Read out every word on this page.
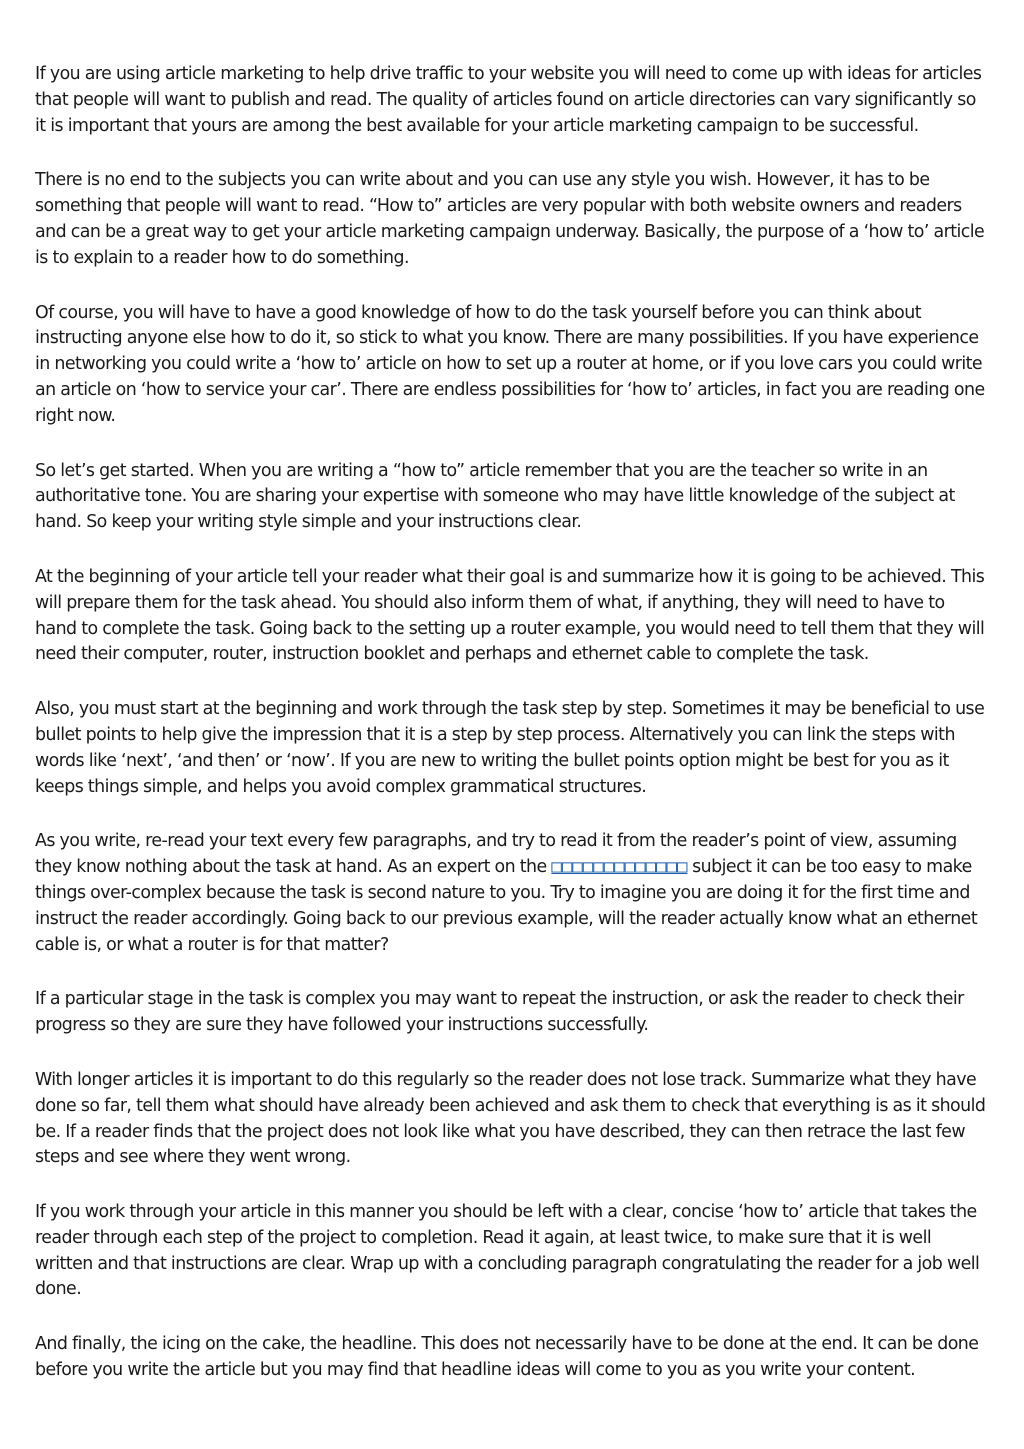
If you are using article marketing to help drive traffic to your website you will need to come up with ideas for articles that people will want to publish and read. The quality of articles found on article directories can vary significantly so it is important that yours are among the best available for your article marketing campaign to be successful.

There is no end to the subjects you can write about and you can use any style you wish. However, it has to be something that people will want to read. “How to” articles are very popular with both website owners and readers and can be a great way to get your article marketing campaign underway. Basically, the purpose of a ‘how to’ article is to explain to a reader how to do something.

Of course, you will have to have a good knowledge of how to do the task yourself before you can think about instructing anyone else how to do it, so stick to what you know. There are many possibilities. If you have experience in networking you could write a ‘how to’ article on how to set up a router at home, or if you love cars you could write an article on ‘how to service your car’. There are endless possibilities for ‘how to’ articles, in fact you are reading one right now.

So let’s get started. When you are writing a “how to” article remember that you are the teacher so write in an authoritative tone. You are sharing your expertise with someone who may have little knowledge of the subject at hand. So keep your writing style simple and your instructions clear.

At the beginning of your article tell your reader what their goal is and summarize how it is going to be achieved. This will prepare them for the task ahead. You should also inform them of what, if anything, they will need to have to hand to complete the task. Going back to the setting up a router example, you would need to tell them that they will need their computer, router, instruction booklet and perhaps and ethernet cable to complete the task.

Also, you must start at the beginning and work through the task step by step. Sometimes it may be beneficial to use bullet points to help give the impression that it is a step by step process. Alternatively you can link the steps with words like ‘next’, ‘and then’ or ‘now’. If you are new to writing the bullet points option might be best for you as it keeps things simple, and helps you avoid complex grammatical structures.

As you write, re-read your text every few paragraphs, and try to read it from the reader’s point of view, assuming they know nothing about the task at hand. As an expert on the □□□□□□□□□□□□□ subject it can be too easy to make things over-complex because the task is second nature to you. Try to imagine you are doing it for the first time and instruct the reader accordingly. Going back to our previous example, will the reader actually know what an ethernet cable is, or what a router is for that matter?

If a particular stage in the task is complex you may want to repeat the instruction, or ask the reader to check their progress so they are sure they have followed your instructions successfully.

With longer articles it is important to do this regularly so the reader does not lose track. Summarize what they have done so far, tell them what should have already been achieved and ask them to check that everything is as it should be. If a reader finds that the project does not look like what you have described, they can then retrace the last few steps and see where they went wrong.

If you work through your article in this manner you should be left with a clear, concise ‘how to’ article that takes the reader through each step of the project to completion. Read it again, at least twice, to make sure that it is well written and that instructions are clear. Wrap up with a concluding paragraph congratulating the reader for a job well done.

And finally, the icing on the cake, the headline. This does not necessarily have to be done at the end. It can be done before you write the article but you may find that headline ideas will come to you as you write your content.
